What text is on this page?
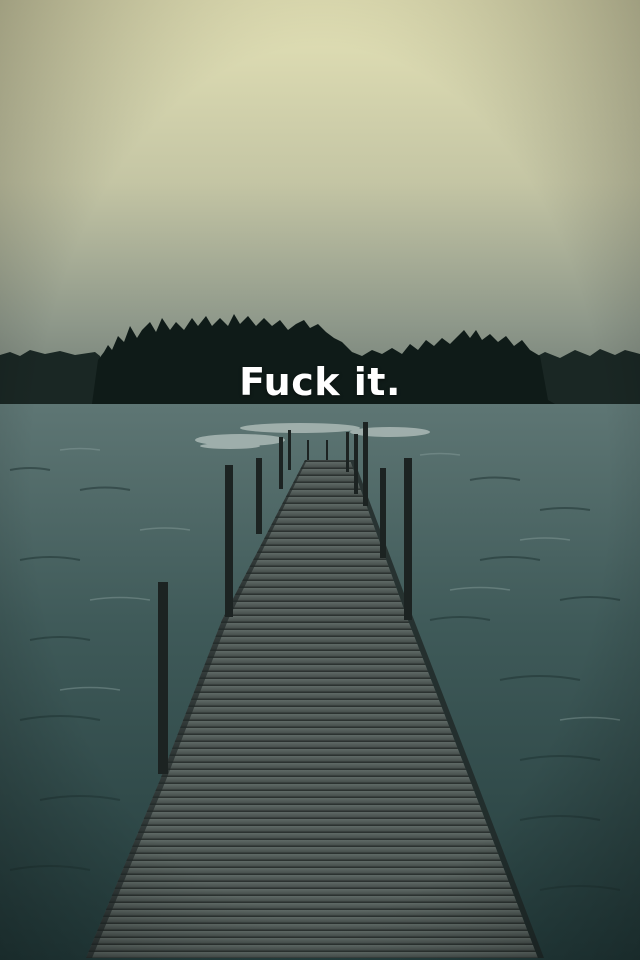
Fuck it.
